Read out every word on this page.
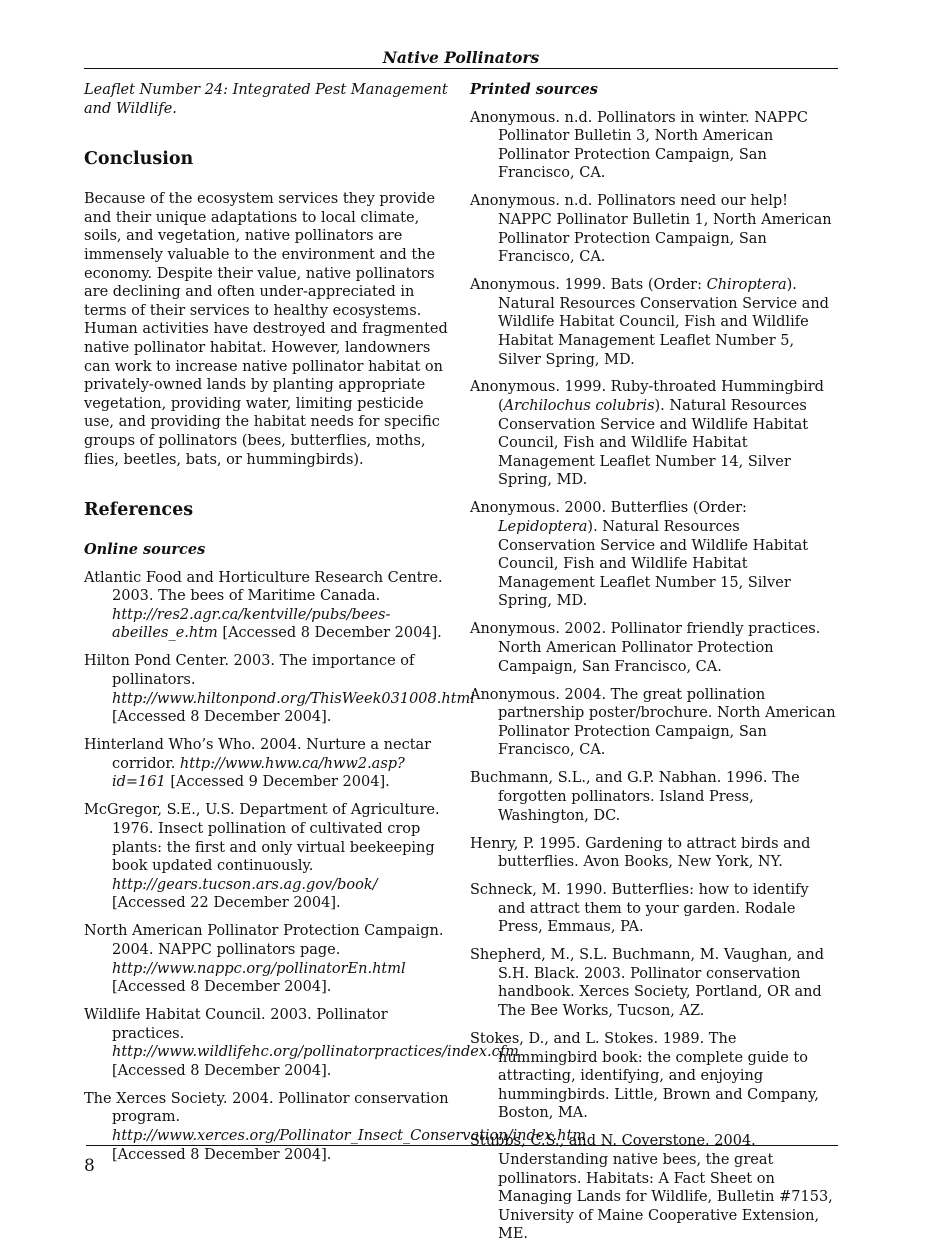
Native Pollinators

Leaflet Number 24: Integrated Pest Management and Wildlife.

Conclusion

Because of the ecosystem services they provide and their unique adaptations to local climate, soils, and vegetation, native pollinators are immensely valuable to the environment and the economy. Despite their value, native pollinators are declining and often under-appreciated in terms of their services to healthy ecosystems. Human activities have destroyed and fragmented native pollinator habitat. However, landowners can work to increase native pollinator habitat on privately-owned lands by planting appropriate vegetation, providing water, limiting pesticide use, and providing the habitat needs for specific groups of pollinators (bees, butterflies, moths, flies, beetles, bats, or hummingbirds).

References
Online sources
Atlantic Food and Horticulture Research Centre. 2003. The bees of Maritime Canada. http://res2.agr.ca/kentville/pubs/bees-abeilles_e.htm [Accessed 8 December 2004].
Hilton Pond Center. 2003. The importance of pollinators. http://www.hiltonpond.org/ThisWeek031008.html [Accessed 8 December 2004].
Hinterland Who’s Who. 2004. Nurture a nectar corridor. http://www.hww.ca/hww2.asp?id=161 [Accessed 9 December 2004].
McGregor, S.E., U.S. Department of Agriculture. 1976. Insect pollination of cultivated crop plants: the first and only virtual beekeeping book updated continuously. http://gears.tucson.ars.ag.gov/book/ [Accessed 22 December 2004].
North American Pollinator Protection Campaign. 2004. NAPPC pollinators page. http://www.nappc.org/pollinatorEn.html [Accessed 8 December 2004].
Wildlife Habitat Council. 2003. Pollinator practices. http://www.wildlifehc.org/pollinatorpractices/index.cfm [Accessed 8 December 2004].
The Xerces Society. 2004. Pollinator conservation program. http://www.xerces.org/Pollinator_Insect_Conservation/index.htm [Accessed 8 December 2004].
Printed sources
Anonymous. n.d. Pollinators in winter. NAPPC Pollinator Bulletin 3, North American Pollinator Protection Campaign, San Francisco, CA.
Anonymous. n.d. Pollinators need our help! NAPPC Pollinator Bulletin 1, North American Pollinator Protection Campaign, San Francisco, CA.
Anonymous. 1999. Bats (Order: Chiroptera). Natural Resources Conservation Service and Wildlife Habitat Council, Fish and Wildlife Habitat Management Leaflet Number 5, Silver Spring, MD.
Anonymous. 1999. Ruby-throated Hummingbird (Archilochus colubris). Natural Resources Conservation Service and Wildlife Habitat Council, Fish and Wildlife Habitat Management Leaflet Number 14, Silver Spring, MD.
Anonymous. 2000. Butterflies (Order: Lepidoptera). Natural Resources Conservation Service and Wildlife Habitat Council, Fish and Wildlife Habitat Management Leaflet Number 15, Silver Spring, MD.
Anonymous. 2002. Pollinator friendly practices. North American Pollinator Protection Campaign, San Francisco, CA.
Anonymous. 2004. The great pollination partnership poster/brochure. North American Pollinator Protection Campaign, San Francisco, CA.
Buchmann, S.L., and G.P. Nabhan. 1996. The forgotten pollinators. Island Press, Washington, DC.
Henry, P. 1995. Gardening to attract birds and butterflies. Avon Books, New York, NY.
Schneck, M. 1990. Butterflies: how to identify and attract them to your garden. Rodale Press, Emmaus, PA.
Shepherd, M., S.L. Buchmann, M. Vaughan, and S.H. Black. 2003. Pollinator conservation handbook. Xerces Society, Portland, OR and The Bee Works, Tucson, AZ.
Stokes, D., and L. Stokes. 1989. The hummingbird book: the complete guide to attracting, identifying, and enjoying hummingbirds. Little, Brown and Company, Boston, MA.
Stubbs, C.S., and N. Coverstone. 2004. Understanding native bees, the great pollinators. Habitats: A Fact Sheet on Managing Lands for Wildlife, Bulletin #7153, University of Maine Cooperative Extension, ME.
8
